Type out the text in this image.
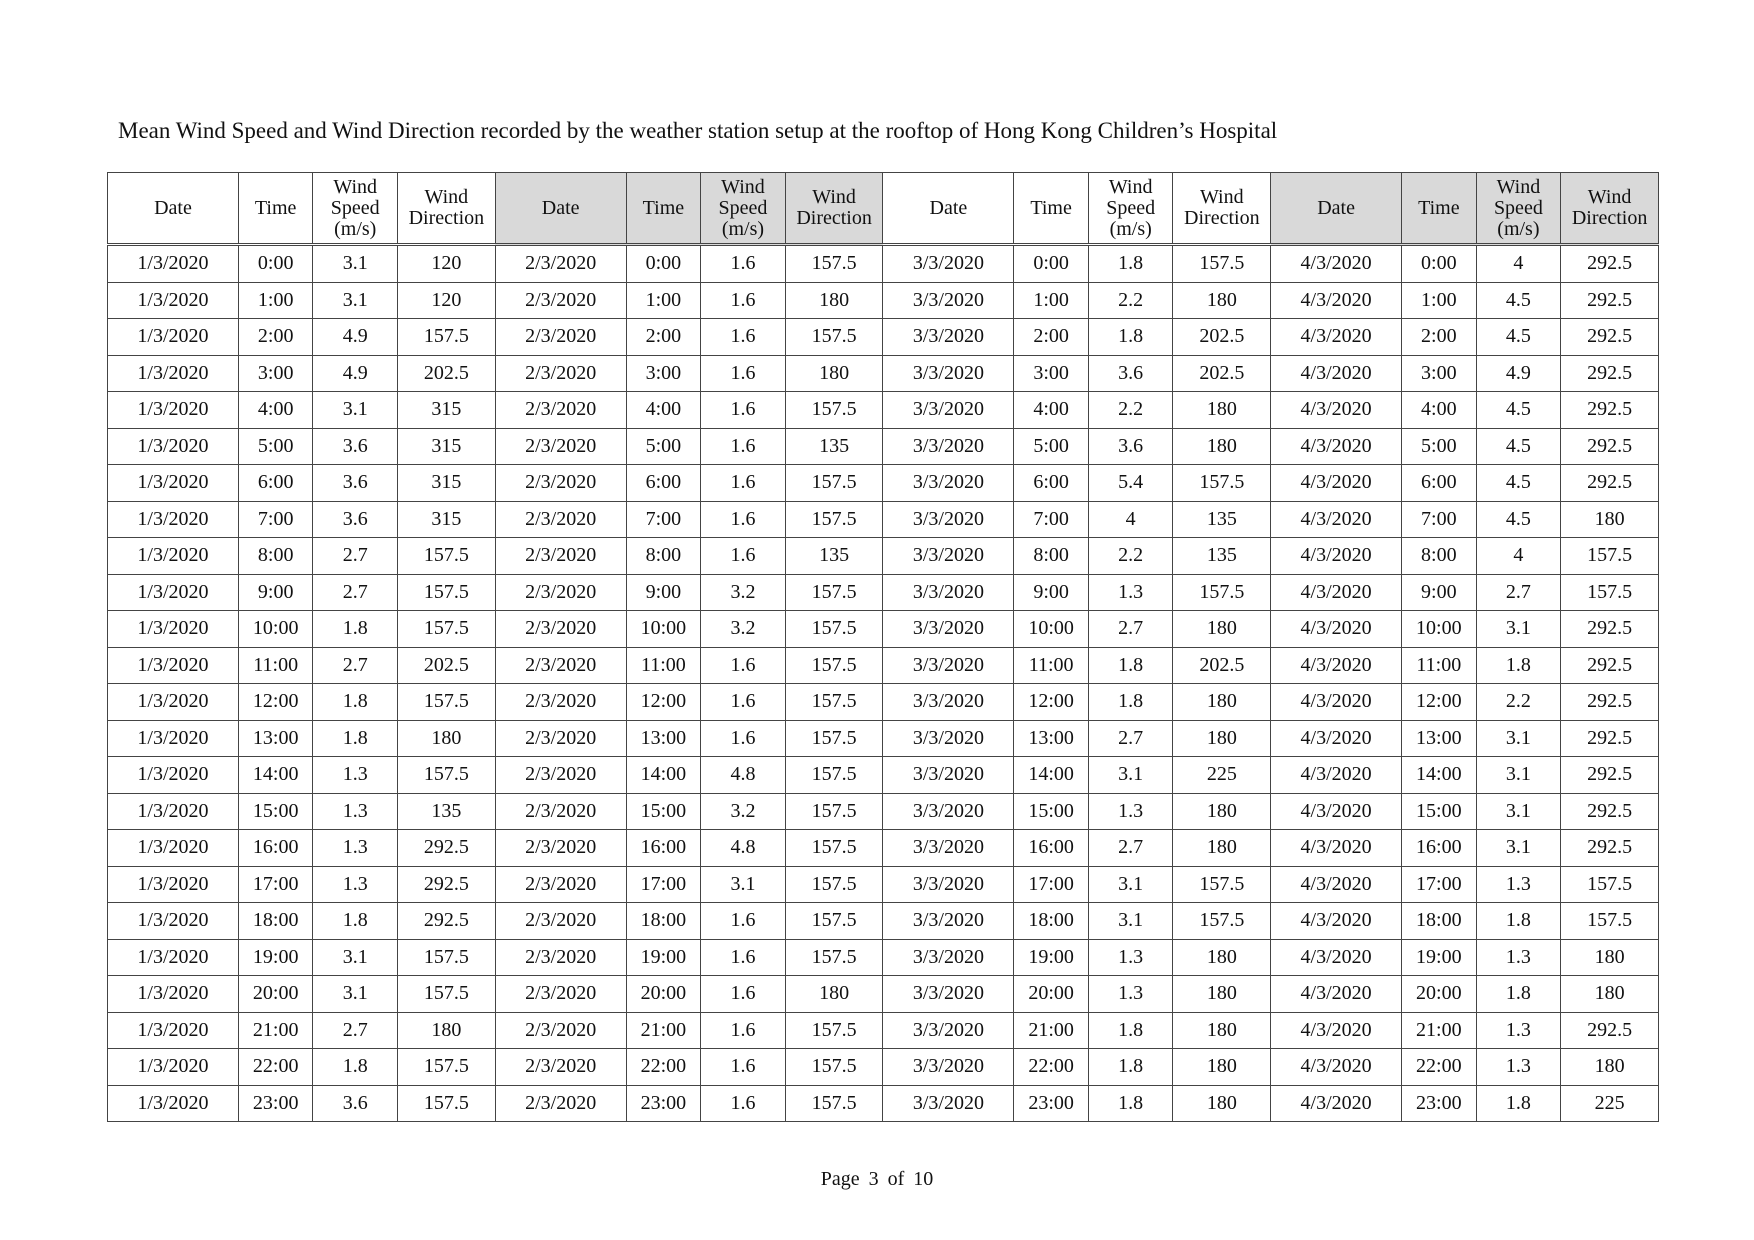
Mean Wind Speed and Wind Direction recorded by the weather station setup at the rooftop of Hong Kong Children’s Hospital
Date	Time	Wind
Speed
(m/s)	Wind
Direction	Date	Time	Wind
Speed
(m/s)	Wind
Direction	Date	Time	Wind
Speed
(m/s)	Wind
Direction	Date	Time	Wind
Speed
(m/s)	Wind
Direction

1/3/2020	0:00	3.1	120	2/3/2020	0:00	1.6	157.5	3/3/2020	0:00	1.8	157.5	4/3/2020	0:00	4	292.5
1/3/2020	1:00	3.1	120	2/3/2020	1:00	1.6	180	3/3/2020	1:00	2.2	180	4/3/2020	1:00	4.5	292.5
1/3/2020	2:00	4.9	157.5	2/3/2020	2:00	1.6	157.5	3/3/2020	2:00	1.8	202.5	4/3/2020	2:00	4.5	292.5
1/3/2020	3:00	4.9	202.5	2/3/2020	3:00	1.6	180	3/3/2020	3:00	3.6	202.5	4/3/2020	3:00	4.9	292.5
1/3/2020	4:00	3.1	315	2/3/2020	4:00	1.6	157.5	3/3/2020	4:00	2.2	180	4/3/2020	4:00	4.5	292.5
1/3/2020	5:00	3.6	315	2/3/2020	5:00	1.6	135	3/3/2020	5:00	3.6	180	4/3/2020	5:00	4.5	292.5
1/3/2020	6:00	3.6	315	2/3/2020	6:00	1.6	157.5	3/3/2020	6:00	5.4	157.5	4/3/2020	6:00	4.5	292.5
1/3/2020	7:00	3.6	315	2/3/2020	7:00	1.6	157.5	3/3/2020	7:00	4	135	4/3/2020	7:00	4.5	180
1/3/2020	8:00	2.7	157.5	2/3/2020	8:00	1.6	135	3/3/2020	8:00	2.2	135	4/3/2020	8:00	4	157.5
1/3/2020	9:00	2.7	157.5	2/3/2020	9:00	3.2	157.5	3/3/2020	9:00	1.3	157.5	4/3/2020	9:00	2.7	157.5
1/3/2020	10:00	1.8	157.5	2/3/2020	10:00	3.2	157.5	3/3/2020	10:00	2.7	180	4/3/2020	10:00	3.1	292.5
1/3/2020	11:00	2.7	202.5	2/3/2020	11:00	1.6	157.5	3/3/2020	11:00	1.8	202.5	4/3/2020	11:00	1.8	292.5
1/3/2020	12:00	1.8	157.5	2/3/2020	12:00	1.6	157.5	3/3/2020	12:00	1.8	180	4/3/2020	12:00	2.2	292.5
1/3/2020	13:00	1.8	180	2/3/2020	13:00	1.6	157.5	3/3/2020	13:00	2.7	180	4/3/2020	13:00	3.1	292.5
1/3/2020	14:00	1.3	157.5	2/3/2020	14:00	4.8	157.5	3/3/2020	14:00	3.1	225	4/3/2020	14:00	3.1	292.5
1/3/2020	15:00	1.3	135	2/3/2020	15:00	3.2	157.5	3/3/2020	15:00	1.3	180	4/3/2020	15:00	3.1	292.5
1/3/2020	16:00	1.3	292.5	2/3/2020	16:00	4.8	157.5	3/3/2020	16:00	2.7	180	4/3/2020	16:00	3.1	292.5
1/3/2020	17:00	1.3	292.5	2/3/2020	17:00	3.1	157.5	3/3/2020	17:00	3.1	157.5	4/3/2020	17:00	1.3	157.5
1/3/2020	18:00	1.8	292.5	2/3/2020	18:00	1.6	157.5	3/3/2020	18:00	3.1	157.5	4/3/2020	18:00	1.8	157.5
1/3/2020	19:00	3.1	157.5	2/3/2020	19:00	1.6	157.5	3/3/2020	19:00	1.3	180	4/3/2020	19:00	1.3	180
1/3/2020	20:00	3.1	157.5	2/3/2020	20:00	1.6	180	3/3/2020	20:00	1.3	180	4/3/2020	20:00	1.8	180
1/3/2020	21:00	2.7	180	2/3/2020	21:00	1.6	157.5	3/3/2020	21:00	1.8	180	4/3/2020	21:00	1.3	292.5
1/3/2020	22:00	1.8	157.5	2/3/2020	22:00	1.6	157.5	3/3/2020	22:00	1.8	180	4/3/2020	22:00	1.3	180
1/3/2020	23:00	3.6	157.5	2/3/2020	23:00	1.6	157.5	3/3/2020	23:00	1.8	180	4/3/2020	23:00	1.8	225
Page 3 of 10
